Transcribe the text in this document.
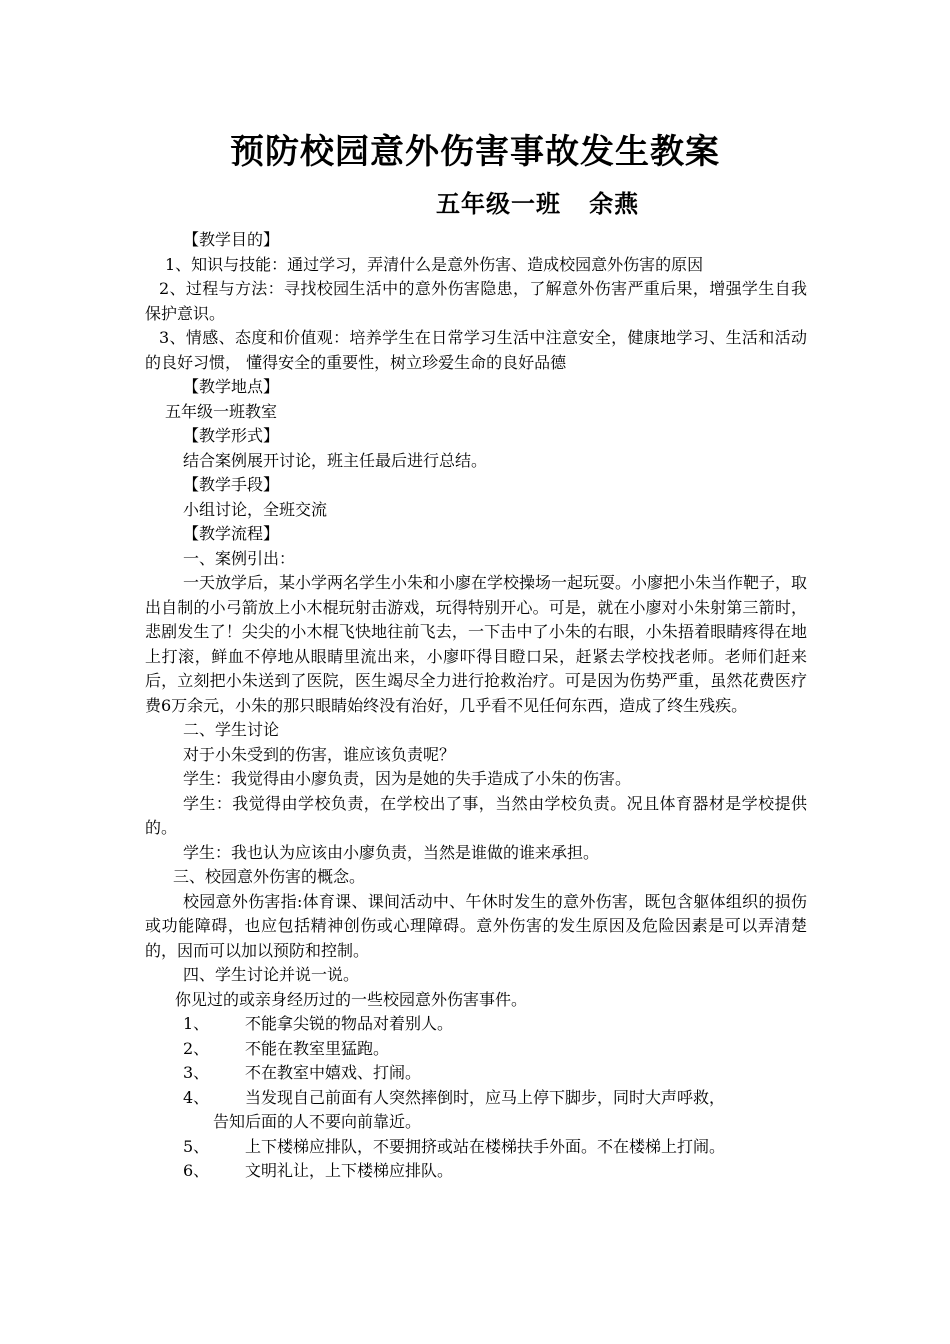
预防校园意外伤害事故发生教案
五年级一班   余燕

【教学目的】

1、知识与技能：通过学习，弄清什么是意外伤害、造成校园意外伤害的原因

2、过程与方法：寻找校园生活中的意外伤害隐患，了解意外伤害严重后果，增强学生自我保护意识。

3、情感、态度和价值观：培养学生在日常学习生活中注意安全，健康地学习、生活和活动的良好习惯， 懂得安全的重要性，树立珍爱生命的良好品德

【教学地点】

五年级一班教室

【教学形式】

结合案例展开讨论，班主任最后进行总结。

【教学手段】

小组讨论，全班交流

【教学流程】

一、案例引出：

一天放学后，某小学两名学生小朱和小廖在学校操场一起玩耍。小廖把小朱当作靶子，取出自制的小弓箭放上小木棍玩射击游戏，玩得特别开心。可是，就在小廖对小朱射第三箭时，悲剧发生了！尖尖的小木棍飞快地往前飞去，一下击中了小朱的右眼，小朱捂着眼睛疼得在地上打滚，鲜血不停地从眼睛里流出来，小廖吓得目瞪口呆，赶紧去学校找老师。老师们赶来后，立刻把小朱送到了医院，医生竭尽全力进行抢救治疗。可是因为伤势严重，虽然花费医疗费6万余元，小朱的那只眼睛始终没有治好，几乎看不见任何东西，造成了终生残疾。

二、学生讨论

对于小朱受到的伤害，谁应该负责呢？

学生：我觉得由小廖负责，因为是她的失手造成了小朱的伤害。

学生：我觉得由学校负责，在学校出了事，当然由学校负责。况且体育器材是学校提供的。

学生：我也认为应该由小廖负责，当然是谁做的谁来承担。

三、校园意外伤害的概念。

校园意外伤害指:体育课、课间活动中、午休时发生的意外伤害，既包含躯体组织的损伤或功能障碍，也应包括精神创伤或心理障碍。意外伤害的发生原因及危险因素是可以弄清楚的，因而可以加以预防和控制。

四、学生讨论并说一说。

你见过的或亲身经历过的一些校园意外伤害事件。

1、	不能拿尖锐的物品对着别人。
2、	不能在教室里猛跑。
3、	不在教室中嬉戏、打闹。
4、	当发现自己前面有人突然摔倒时，应马上停下脚步，同时大声呼救，
告知后面的人不要向前靠近。
5、	上下楼梯应排队，不要拥挤或站在楼梯扶手外面。不在楼梯上打闹。
6、	文明礼让，上下楼梯应排队。
